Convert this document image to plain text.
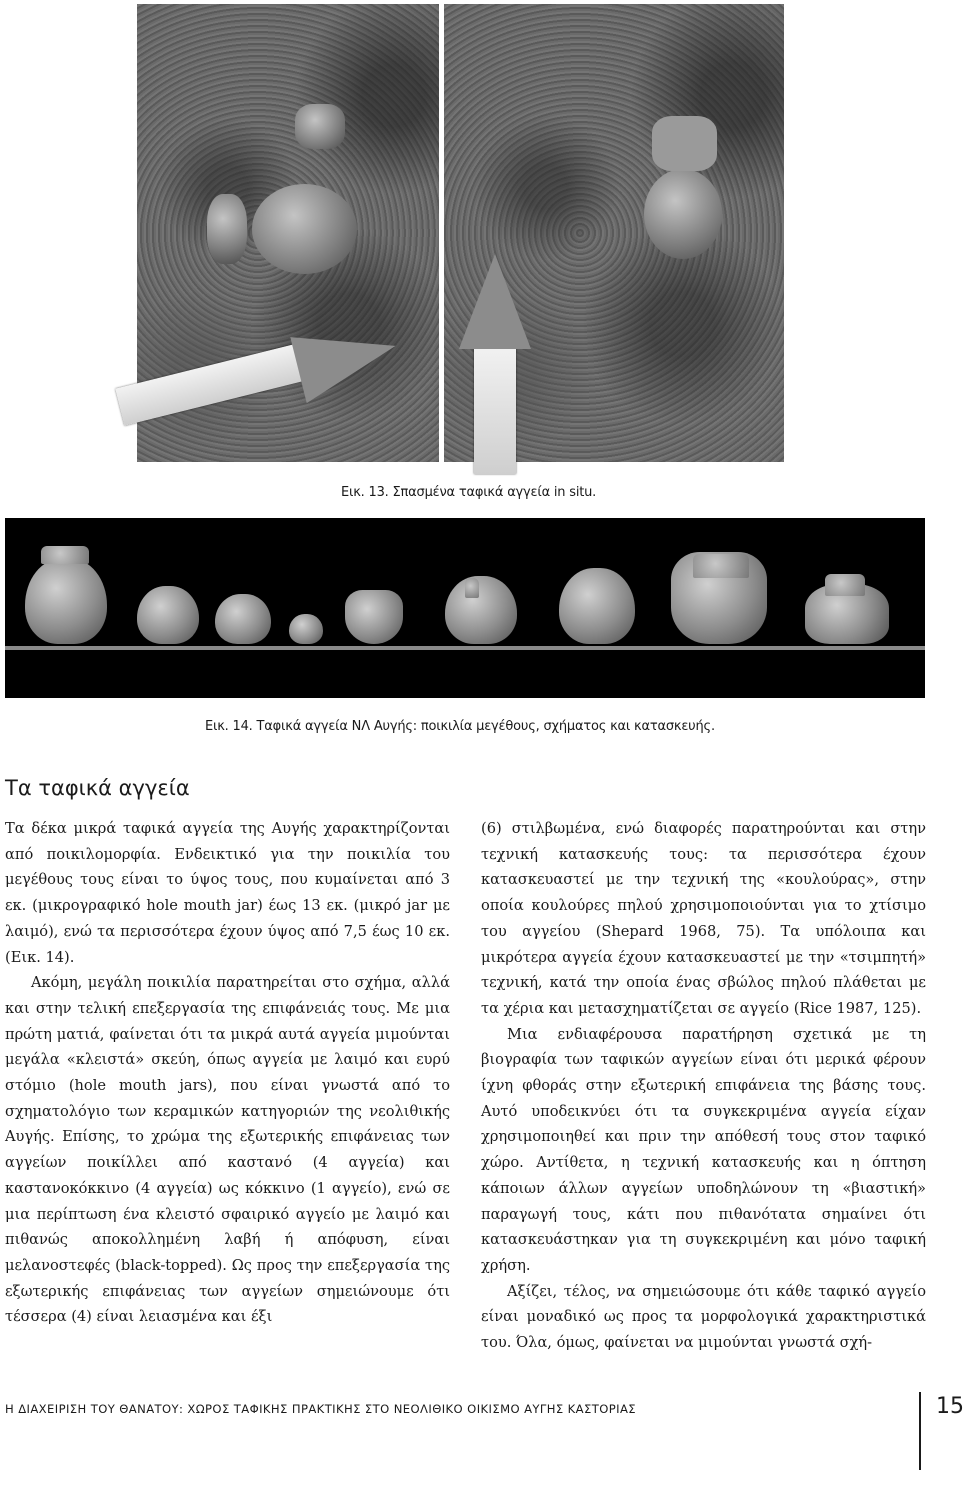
Εικ. 13. Σπασμένα ταφικά αγγεία in situ.
Εικ. 14. Ταφικά αγγεία ΝΛ Αυγής: ποικιλία μεγέθους, σχήματος και κατασκευής.
Τα ταφικά αγγεία

Τα δέκα μικρά ταφικά αγγεία της Αυγής χαρακτηρίζονται από ποικιλομορφία. Ενδεικτικό για την ποικιλία του μεγέθους τους είναι το ύψος τους, που κυμαίνεται από 3 εκ. (μικρογραφικό hole mouth jar) έως 13 εκ. (μικρό jar με λαιμό), ενώ τα περισσότερα έχουν ύψος από 7,5 έως 10 εκ. (Εικ. 14).

Ακόμη, μεγάλη ποικιλία παρατηρείται στο σχήμα, αλλά και στην τελική επεξεργασία της επιφάνειάς τους. Με μια πρώτη ματιά, φαίνεται ότι τα μικρά αυτά αγγεία μιμούνται μεγάλα «κλειστά» σκεύη, όπως αγγεία με λαιμό και ευρύ στόμιο (hole mouth jars), που είναι γνωστά από το σχηματολόγιο των κεραμικών κατηγοριών της νεολιθικής Αυγής. Επίσης, το χρώμα της εξωτερικής επιφάνειας των αγγείων ποικίλλει από καστανό (4 αγγεία) και καστανοκόκκινο (4 αγγεία) ως κόκκινο (1 αγγείο), ενώ σε μια περίπτωση ένα κλειστό σφαιρικό αγγείο με λαιμό και πιθανώς αποκολλημένη λαβή ή απόφυση, είναι μελανοστεφές (black-topped). Ως προς την επεξεργασία της εξωτερικής επιφάνειας των αγγείων σημειώνουμε ότι τέσσερα (4) είναι λειασμένα και έξι

(6) στιλβωμένα, ενώ διαφορές παρατηρούνται και στην τεχνική κατασκευής τους: τα περισσότερα έχουν κατασκευαστεί με την τεχνική της «κουλούρας», στην οποία κουλούρες πηλού χρησιμοποιούνται για το χτίσιμο του αγγείου (Shepard 1968, 75). Τα υπόλοιπα και μικρότερα αγγεία έχουν κατασκευαστεί με την «τσιμπητή» τεχνική, κατά την οποία ένας σβώλος πηλού πλάθεται με τα χέρια και μετασχηματίζεται σε αγγείο (Rice 1987, 125).

Μια ενδιαφέρουσα παρατήρηση σχετικά με τη βιογραφία των ταφικών αγγείων είναι ότι μερικά φέρουν ίχνη φθοράς στην εξωτερική επιφάνεια της βάσης τους. Αυτό υποδεικνύει ότι τα συγκεκριμένα αγγεία είχαν χρησιμοποιηθεί και πριν την απόθεσή τους στον ταφικό χώρο. Αντίθετα, η τεχνική κατασκευής και η όπτηση κάποιων άλλων αγγείων υποδηλώνουν τη «βιαστική» παραγωγή τους, κάτι που πιθανότατα σημαίνει ότι κατασκευάστηκαν για τη συγκεκριμένη και μόνο ταφική χρήση.

Αξίζει, τέλος, να σημειώσουμε ότι κάθε ταφικό αγγείο είναι μοναδικό ως προς τα μορφολογικά χαρακτηριστικά του. Όλα, όμως, φαίνεται να μιμούνται γνωστά σχή-

Η ΔΙΑΧΕΙΡΙΣΗ ΤΟΥ ΘΑΝΑΤΟΥ: ΧΩΡΟΣ ΤΑΦΙΚΗΣ ΠΡΑΚΤΙΚΗΣ ΣΤΟ ΝΕΟΛΙΘΙΚΟ ΟΙΚΙΣΜΟ ΑΥΓΗΣ ΚΑΣΤΟΡΙΑΣ	15
